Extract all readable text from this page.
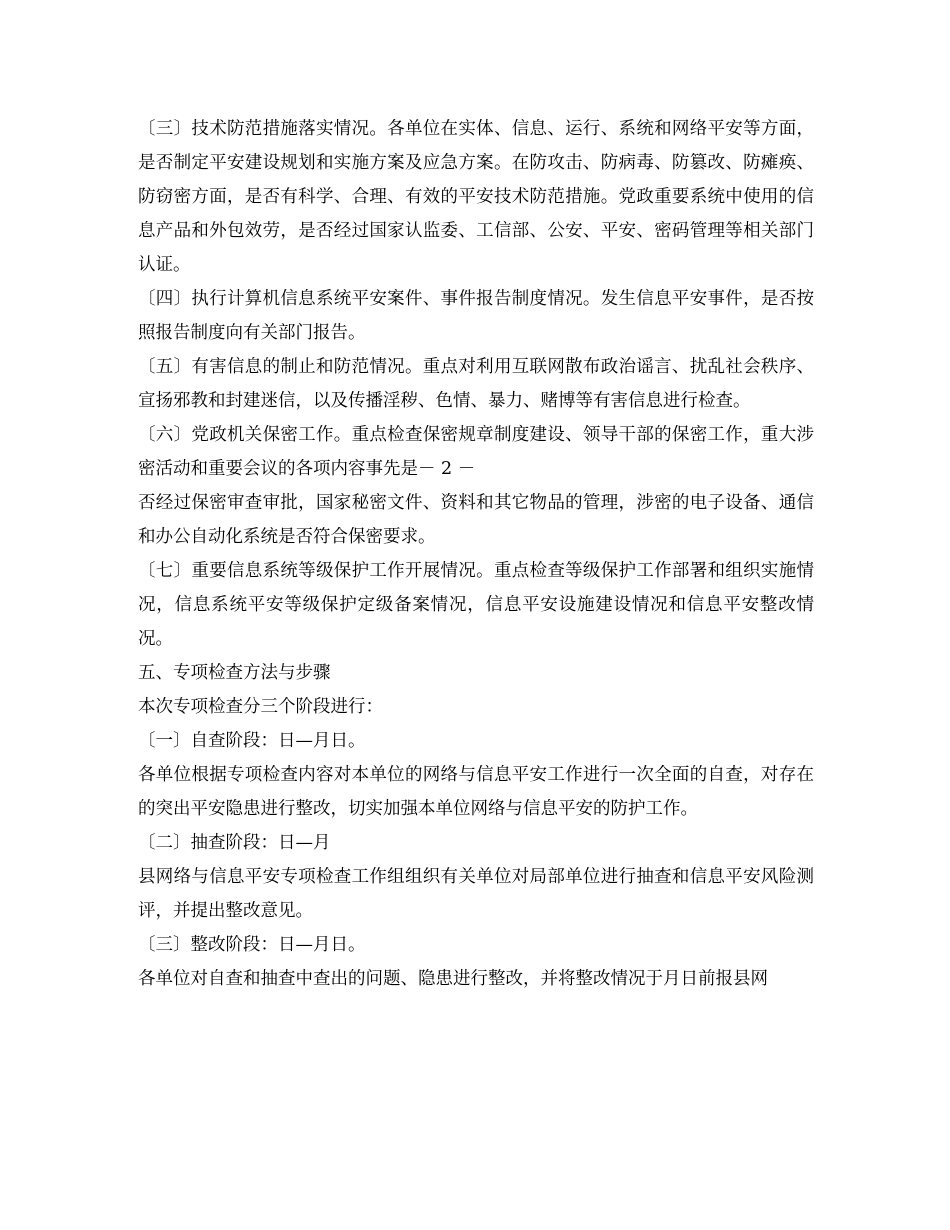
〔三〕技术防范措施落实情况。各单位在实体、信息、运行、系统和网络平安等方面，是否制定平安建设规划和实施方案及应急方案。在防攻击、防病毒、防篡改、防瘫痪、防窃密方面，是否有科学、合理、有效的平安技术防范措施。党政重要系统中使用的信息产品和外包效劳，是否经过国家认监委、工信部、公安、平安、密码管理等相关部门认证。

〔四〕执行计算机信息系统平安案件、事件报告制度情况。发生信息平安事件，是否按照报告制度向有关部门报告。

〔五〕有害信息的制止和防范情况。重点对利用互联网散布政治谣言、扰乱社会秩序、宣扬邪教和封建迷信，以及传播淫秽、色情、暴力、赌博等有害信息进行检查。

〔六〕党政机关保密工作。重点检查保密规章制度建设、领导干部的保密工作，重大涉密活动和重要会议的各项内容事先是－ 2 －

否经过保密审查审批，国家秘密文件、资料和其它物品的管理，涉密的电子设备、通信和办公自动化系统是否符合保密要求。

〔七〕重要信息系统等级保护工作开展情况。重点检查等级保护工作部署和组织实施情况，信息系统平安等级保护定级备案情况，信息平安设施建设情况和信息平安整改情况。

五、专项检查方法与步骤

本次专项检查分三个阶段进行：

〔一〕自查阶段：日—月日。

各单位根据专项检查内容对本单位的网络与信息平安工作进行一次全面的自查，对存在的突出平安隐患进行整改，切实加强本单位网络与信息平安的防护工作。

〔二〕抽查阶段：日—月

县网络与信息平安专项检查工作组组织有关单位对局部单位进行抽查和信息平安风险测评，并提出整改意见。

〔三〕整改阶段：日—月日。

各单位对自查和抽查中查出的问题、隐患进行整改，并将整改情况于月日前报县网
